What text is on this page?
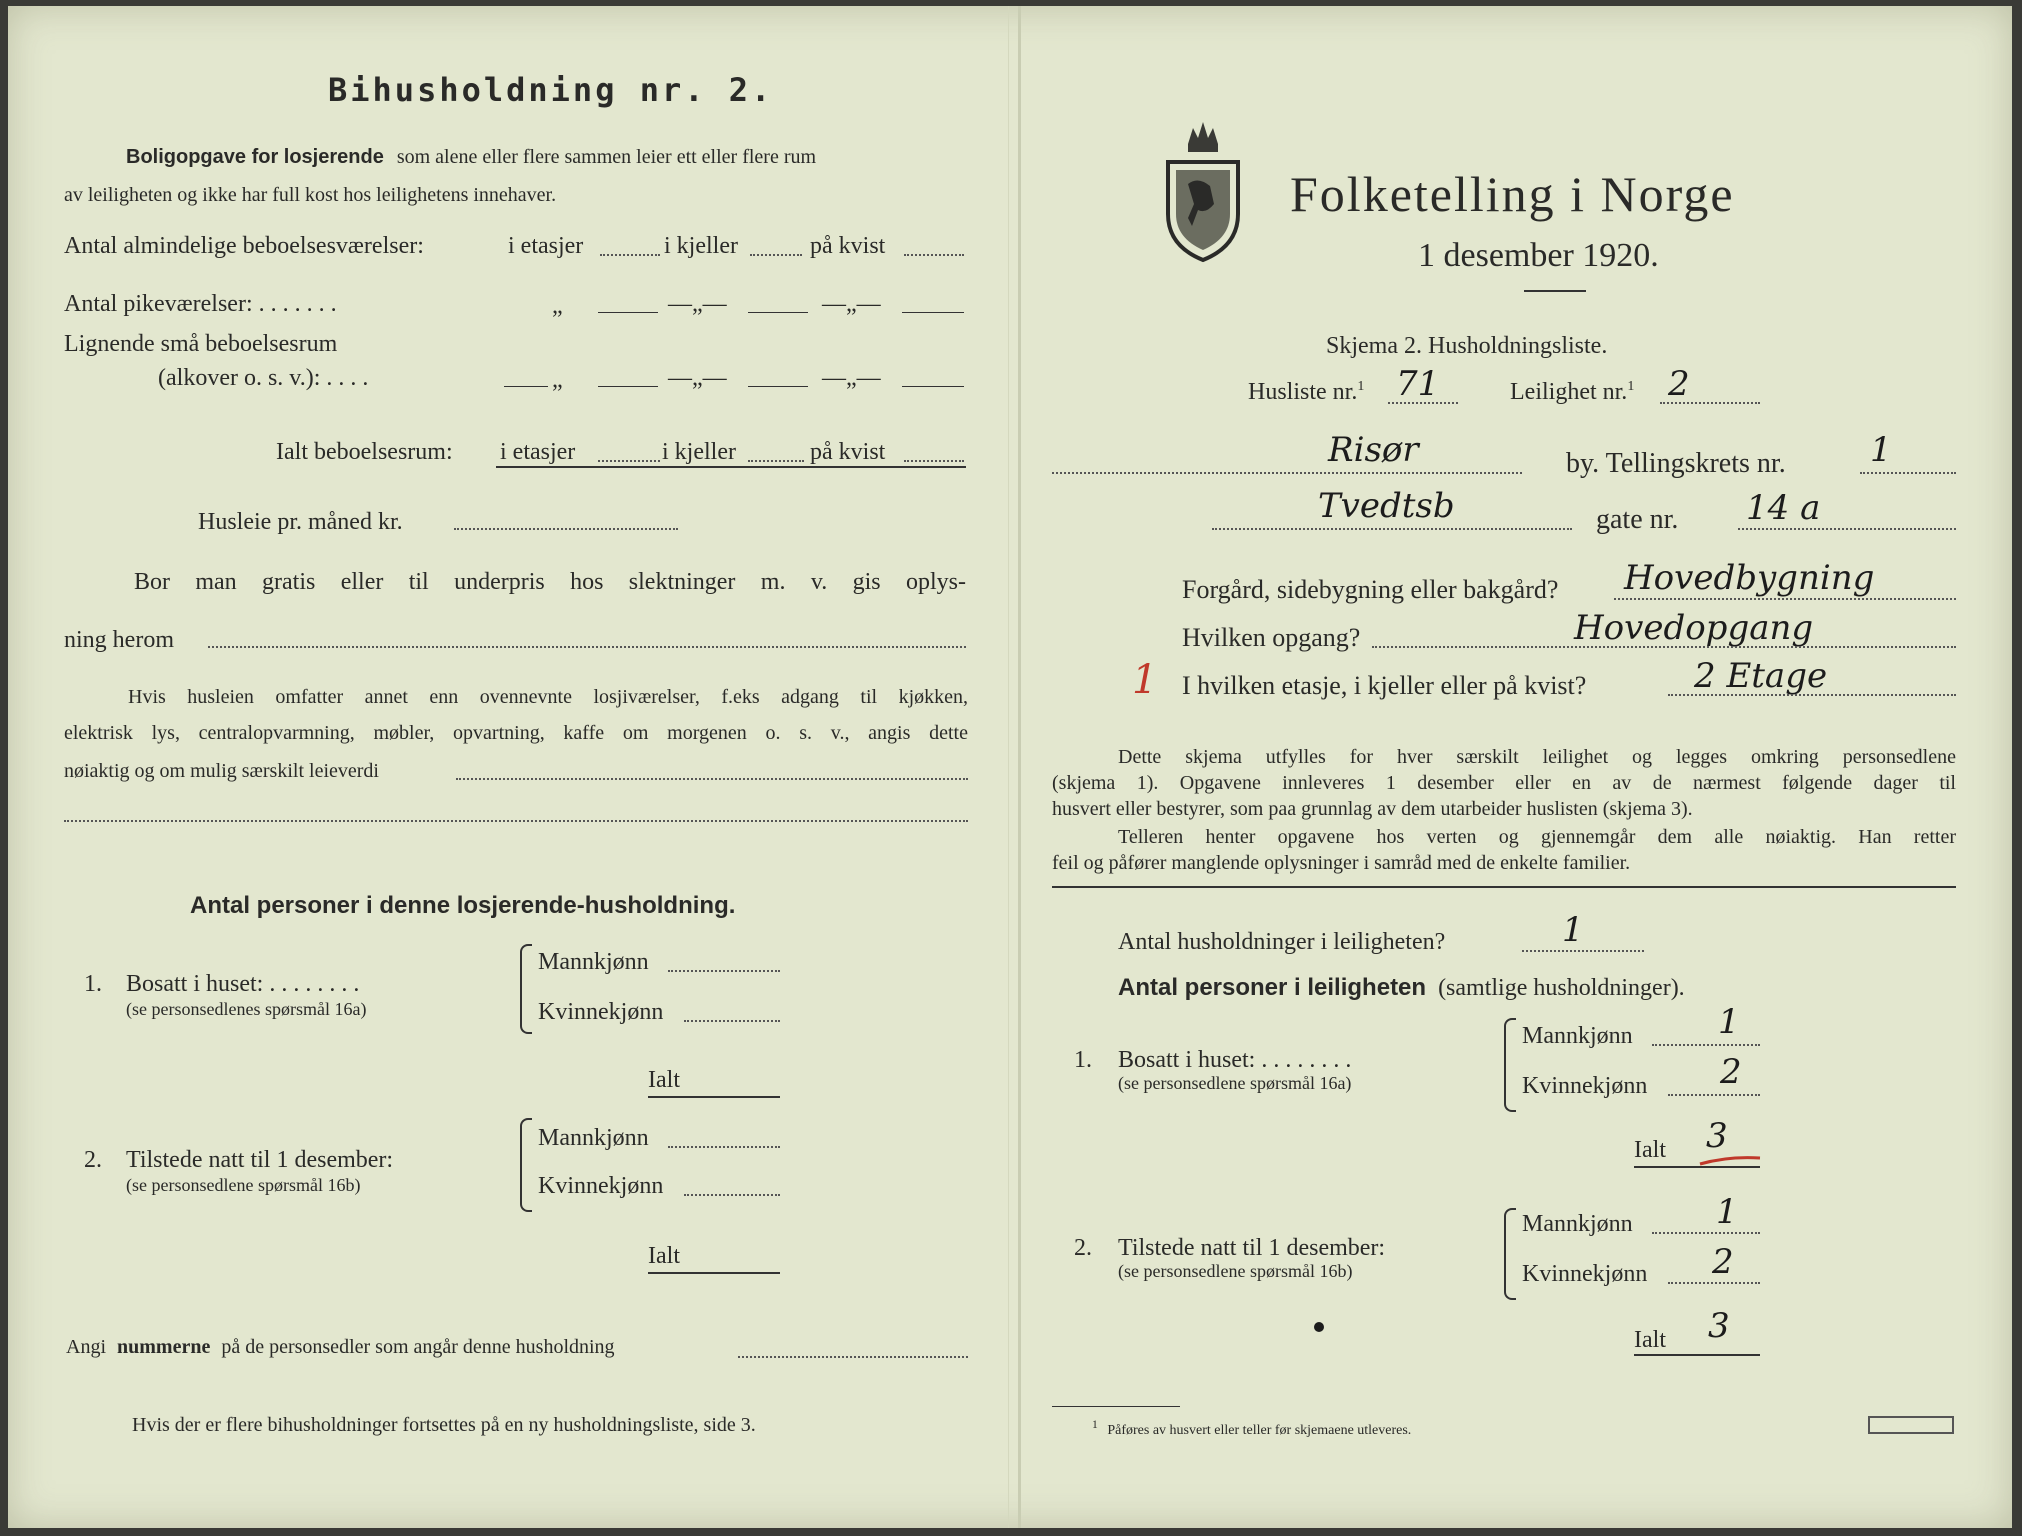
Bihusholdning nr. 2.
Boligopgave for losjerende som alene eller flere sammen leier ett eller flere rum
av leiligheten og ikke har full kost hos leilighetens innehaver.
Antal almindelige beboelsesværelser:	i etasjer	i kjeller	på kvist
Antal pikeværelser: . . . . . . .	„	—„—	—„—
Lignende små beboelsesrum
(alkover o. s. v.): . . . .	„	—„—	—„—
Ialt beboelsesrum: i etasjer	i kjeller	på kvist
Husleie pr. måned kr.
Bor man gratis eller til underpris hos slektninger m. v. gis oplys-
ning herom
Hvis husleien omfatter annet enn ovennevnte losjiværelser, f.eks adgang til kjøkken,
elektrisk lys, centralopvarmning, møbler, opvartning, kaffe om morgenen o. s. v., angis dette
nøiaktig og om mulig særskilt leieverdi
Antal personer i denne losjerende-husholdning.
1. Bosatt i huset: . . . . . . . .
(se personsedlenes spørsmål 16a)
Mannkjønn
Kvinnekjønn
Ialt
2. Tilstede natt til 1 desember:
(se personsedlene spørsmål 16b)
Mannkjønn
Kvinnekjønn
Ialt
Angi nummerne på de personsedler som angår denne husholdning
Hvis der er flere bihusholdninger fortsettes på en ny husholdningsliste, side 3.
Folketelling i Norge
1 desember 1920.
Skjema 2. Husholdningsliste.
Husliste nr.$^1$ 71	Leilighet nr.$^1$ 2
Risør	by. Tellingskrets nr. 1
Tvedtsb	gate nr. 14 a
Forgård, sidebygning eller bakgård? Hovedbygning
Hvilken opgang?	Hovedopgang
1 I hvilken etasje, i kjeller eller på kvist?	2 Etage
Dette skjema utfylles for hver særskilt leilighet og legges omkring personsedlene
(skjema 1). Opgavene innleveres 1 desember eller en av de nærmest følgende dager til
husvert eller bestyrer, som paa grunnlag av dem utarbeider huslisten (skjema 3).
Telleren henter opgavene hos verten og gjennemgår dem alle nøiaktig. Han retter
feil og påfører manglende oplysninger i samråd med de enkelte familier.
Antal husholdninger i leiligheten?	1
Antal personer i leiligheten (samtlige husholdninger).
1. Bosatt i huset: . . . . . . . .
(se personsedlene spørsmål 16a)
Mannkjønn	1
Kvinnekjønn 2
Ialt 3
2. Tilstede natt til 1 desember:
(se personsedlene spørsmål 16b)
Mannkjønn 1
Kvinnekjønn 2
Ialt 3
$^1$ Påføres av husvert eller teller før skjemaene utleveres.
